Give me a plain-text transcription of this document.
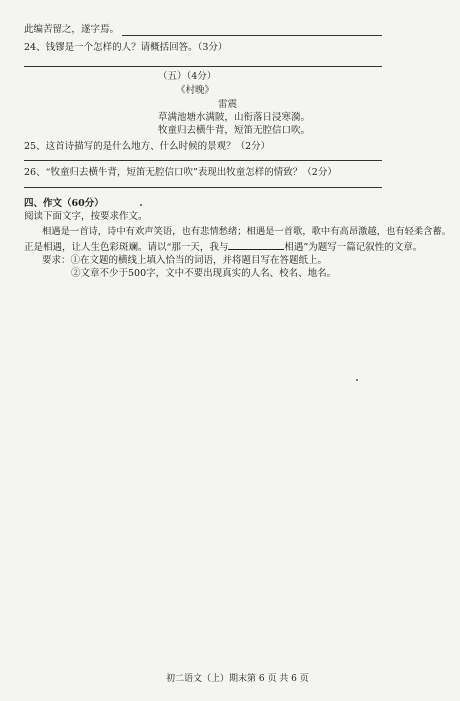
此编苦留之，遂字焉。
24、钱镠是一个怎样的人？请概括回答。（3分）
（五）（4分）
《村晚》
雷震
草满池塘水满陂，山衔落日浸寒漪。
牧童归去横牛背，短笛无腔信口吹。
25、这首诗描写的是什么地方、什么时候的景观？（2分）
26、“牧童归去横牛背，短笛无腔信口吹”表现出牧童怎样的情致？（2分）
四、作文（60分）
阅读下面文字，按要求作文。
相遇是一首诗，诗中有欢声笑语，也有悲情愁绪；相遇是一首歌，歌中有高昂激越，也有轻柔含蓄。
正是相遇，让人生色彩斑斓。请以“那一天，我与	相遇”为题写一篇记叙性的文章。
要求：①在文题的横线上填入恰当的词语，并将题目写在答题纸上。
②文章不少于500字，文中不要出现真实的人名、校名、地名。
初二语文（上）期末第 6 页 共 6 页
